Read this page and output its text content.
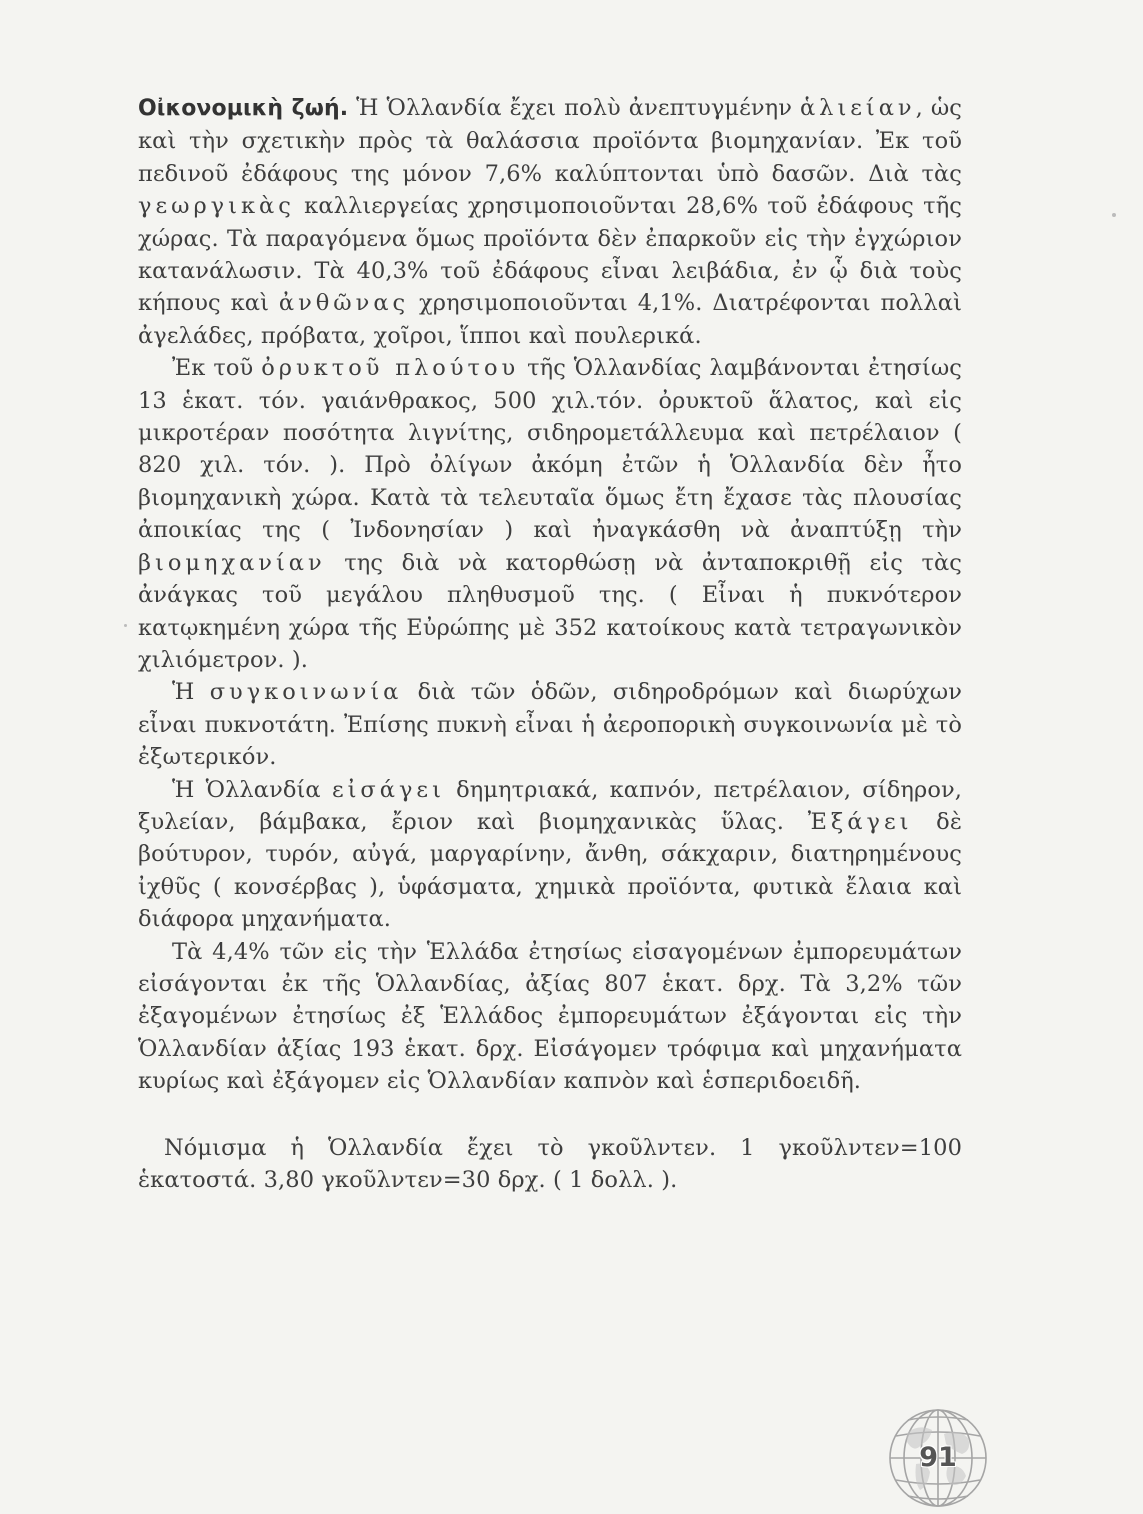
Οἰκονομικὴ ζωή. Ἡ Ὁλλανδία ἔχει πολὺ ἀνεπτυγμένην ἁλιείαν, ὡς καὶ τὴν σχετικὴν πρὸς τὰ θαλάσσια προϊόντα βιομηχανίαν. Ἐκ τοῦ πεδινοῦ ἐδάφους της μόνον 7,6% καλύπτονται ὑπὸ δασῶν. Διὰ τὰς γεωργικὰς καλλιεργείας χρησιμοποιοῦνται 28,6% τοῦ ἐδάφους τῆς χώρας. Τὰ παραγόμενα ὅμως προϊόντα δὲν ἐπαρκοῦν εἰς τὴν ἐγχώριον κατανάλωσιν. Τὰ 40,3% τοῦ ἐδάφους εἶναι λειβάδια, ἐν ᾧ διὰ τοὺς κήπους καὶ ἀνθῶνας χρησιμοποιοῦνται 4,1%. Διατρέφονται πολλαὶ ἀγελάδες, πρόβατα, χοῖροι, ἵπποι καὶ πουλερικά.

Ἐκ τοῦ ὀρυκτοῦ πλούτου τῆς Ὁλλανδίας λαμβάνονται ἐτησίως 13 ἑκατ. τόν. γαιάνθρακος, 500 χιλ.τόν. ὀρυκτοῦ ἅλατος, καὶ εἰς μικροτέραν ποσότητα λιγνίτης, σιδηρομετάλλευμα καὶ πετρέλαιον ( 820 χιλ. τόν. ). Πρὸ ὀλίγων ἀκόμη ἐτῶν ἡ Ὁλλανδία δὲν ἦτο βιομηχανικὴ χώρα. Κατὰ τὰ τελευταῖα ὅμως ἔτη ἔχασε τὰς πλουσίας ἀποικίας της ( Ἰνδονησίαν ) καὶ ἠναγκάσθη νὰ ἀναπτύξῃ τὴν βιομηχανίαν της διὰ νὰ κατορθώσῃ νὰ ἀνταποκριθῇ εἰς τὰς ἀνάγκας τοῦ μεγάλου πληθυσμοῦ της. ( Εἶναι ἡ πυκνότερον κατῳκημένη χώρα τῆς Εὐρώπης μὲ 352 κατοίκους κατὰ τετραγωνικὸν χιλιόμετρον. ).

Ἡ συγκοινωνία διὰ τῶν ὁδῶν, σιδηροδρόμων καὶ διωρύχων εἶναι πυκνοτάτη. Ἐπίσης πυκνὴ εἶναι ἡ ἀεροπορικὴ συγκοινωνία μὲ τὸ ἐξωτερικόν.

Ἡ Ὁλλανδία εἰσάγει δημητριακά, καπνόν, πετρέλαιον, σίδηρον, ξυλείαν, βάμβακα, ἔριον καὶ βιομηχανικὰς ὕλας. Ἐξάγει δὲ βούτυρον, τυρόν, αὐγά, μαργαρίνην, ἄνθη, σάκχαριν, διατηρημένους ἰχθῦς ( κονσέρβας ), ὑφάσματα, χημικὰ προϊόντα, φυτικὰ ἔλαια καὶ διάφορα μηχανήματα.

Τὰ 4,4% τῶν εἰς τὴν Ἑλλάδα ἐτησίως εἰσαγομένων ἐμπορευμάτων εἰσάγονται ἐκ τῆς Ὁλλανδίας, ἀξίας 807 ἑκατ. δρχ. Τὰ 3,2% τῶν ἐξαγομένων ἐτησίως ἐξ Ἑλλάδος ἐμπορευμάτων ἐξάγονται εἰς τὴν Ὁλλανδίαν ἀξίας 193 ἑκατ. δρχ. Εἰσάγομεν τρόφιμα καὶ μηχανήματα κυρίως καὶ ἐξάγομεν εἰς Ὁλλανδίαν καπνὸν καὶ ἑσπεριδοειδῆ.

Νόμισμα ἡ Ὁλλανδία ἔχει τὸ γκοῦλντεν. 1 γκοῦλντεν=100 ἑκατοστά. 3,80 γκοῦλντεν=30 δρχ. ( 1 δολλ. ).

91
